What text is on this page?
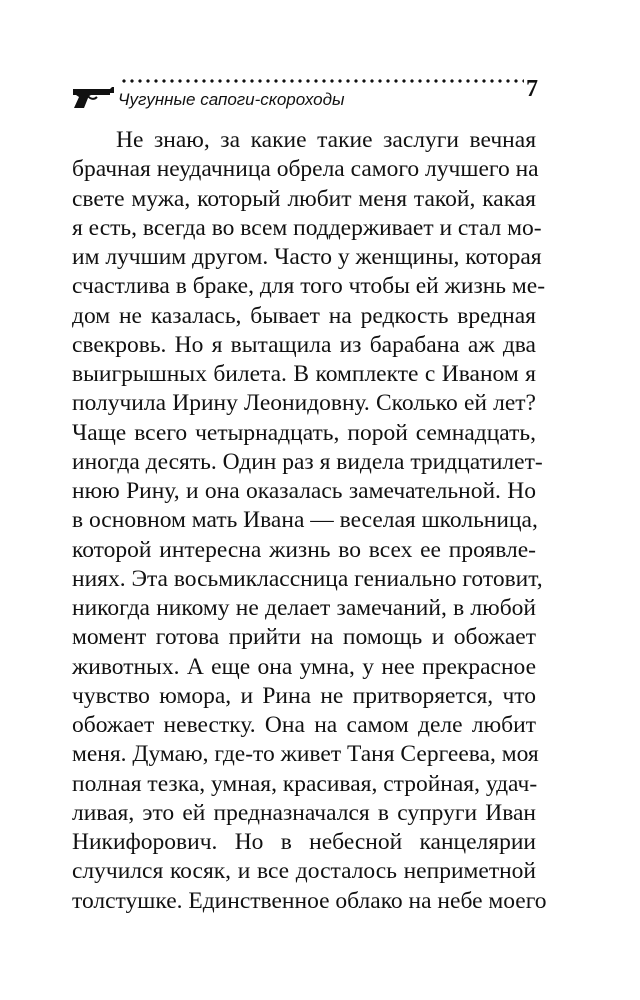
Чугунные сапоги-скороходы	7
Не знаю, за какие такие заслуги вечная
брачная неудачница обрела самого лучшего на
свете мужа, который любит меня такой, какая
я есть, всегда во всем поддерживает и стал мо-
им лучшим другом. Часто у женщины, которая
счастлива в браке, для того чтобы ей жизнь ме-
дом не казалась, бывает на редкость вредная
свекровь. Но я вытащила из барабана аж два
выигрышных билета. В комплекте с Иваном я
получила Ирину Леонидовну. Сколько ей лет?
Чаще всего четырнадцать, порой семнадцать,
иногда десять. Один раз я видела тридцатилет-
нюю Рину, и она оказалась замечательной. Но
в основном мать Ивана — веселая школьница,
которой интересна жизнь во всех ее проявле-
ниях. Эта восьмиклассница гениально готовит,
никогда никому не делает замечаний, в любой
момент готова прийти на помощь и обожает
животных. А еще она умна, у нее прекрасное
чувство юмора, и Рина не притворяется, что
обожает невестку. Она на самом деле любит
меня. Думаю, где-то живет Таня Сергеева, моя
полная тезка, умная, красивая, стройная, удач-
ливая, это ей предназначался в супруги Иван
Никифорович. Но в небесной канцелярии
случился косяк, и все досталось неприметной
толстушке. Единственное облако на небе моего
